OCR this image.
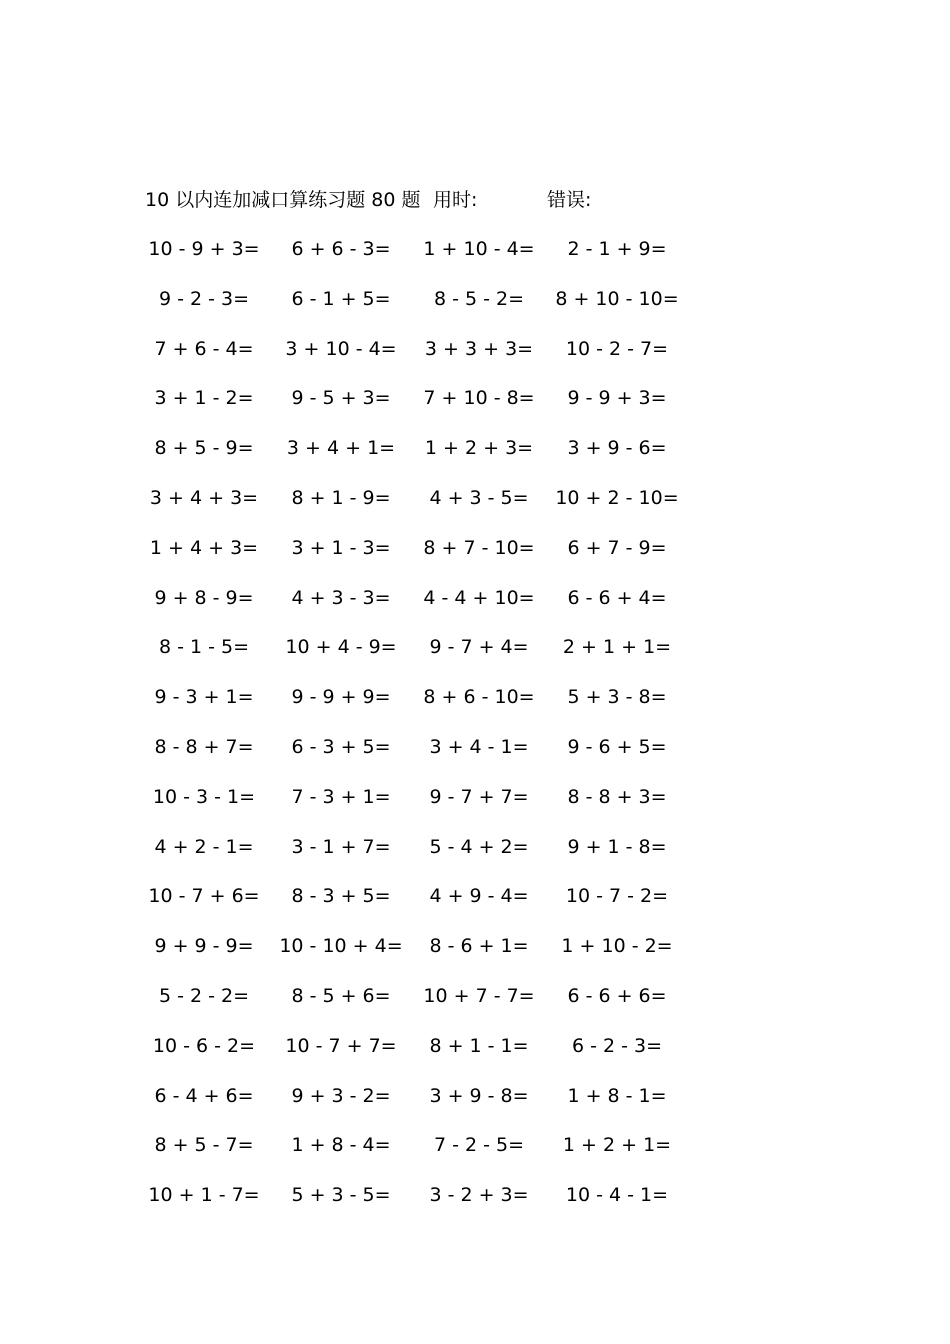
10 以内连加减口算练习题 80 题 用时:	错误:
10 - 9 + 3=	6 + 6 - 3=	1 + 10 - 4=	2 - 1 + 9=
9 - 2 - 3=	6 - 1 + 5=	8 - 5 - 2=	8 + 10 - 10=
7 + 6 - 4=	3 + 10 - 4=	3 + 3 + 3=	10 - 2 - 7=
3 + 1 - 2=	9 - 5 + 3=	7 + 10 - 8=	9 - 9 + 3=
8 + 5 - 9=	3 + 4 + 1=	1 + 2 + 3=	3 + 9 - 6=
3 + 4 + 3=	8 + 1 - 9=	4 + 3 - 5=	10 + 2 - 10=
1 + 4 + 3=	3 + 1 - 3=	8 + 7 - 10=	6 + 7 - 9=
9 + 8 - 9=	4 + 3 - 3=	4 - 4 + 10=	6 - 6 + 4=
8 - 1 - 5=	10 + 4 - 9=	9 - 7 + 4=	2 + 1 + 1=
9 - 3 + 1=	9 - 9 + 9=	8 + 6 - 10=	5 + 3 - 8=
8 - 8 + 7=	6 - 3 + 5=	3 + 4 - 1=	9 - 6 + 5=
10 - 3 - 1=	7 - 3 + 1=	9 - 7 + 7=	8 - 8 + 3=
4 + 2 - 1=	3 - 1 + 7=	5 - 4 + 2=	9 + 1 - 8=
10 - 7 + 6=	8 - 3 + 5=	4 + 9 - 4=	10 - 7 - 2=
9 + 9 - 9=	10 - 10 + 4=	8 - 6 + 1=	1 + 10 - 2=
5 - 2 - 2=	8 - 5 + 6=	10 + 7 - 7=	6 - 6 + 6=
10 - 6 - 2=	10 - 7 + 7=	8 + 1 - 1=	6 - 2 - 3=
6 - 4 + 6=	9 + 3 - 2=	3 + 9 - 8=	1 + 8 - 1=
8 + 5 - 7=	1 + 8 - 4=	7 - 2 - 5=	1 + 2 + 1=
10 + 1 - 7=	5 + 3 - 5=	3 - 2 + 3=	10 - 4 - 1=
